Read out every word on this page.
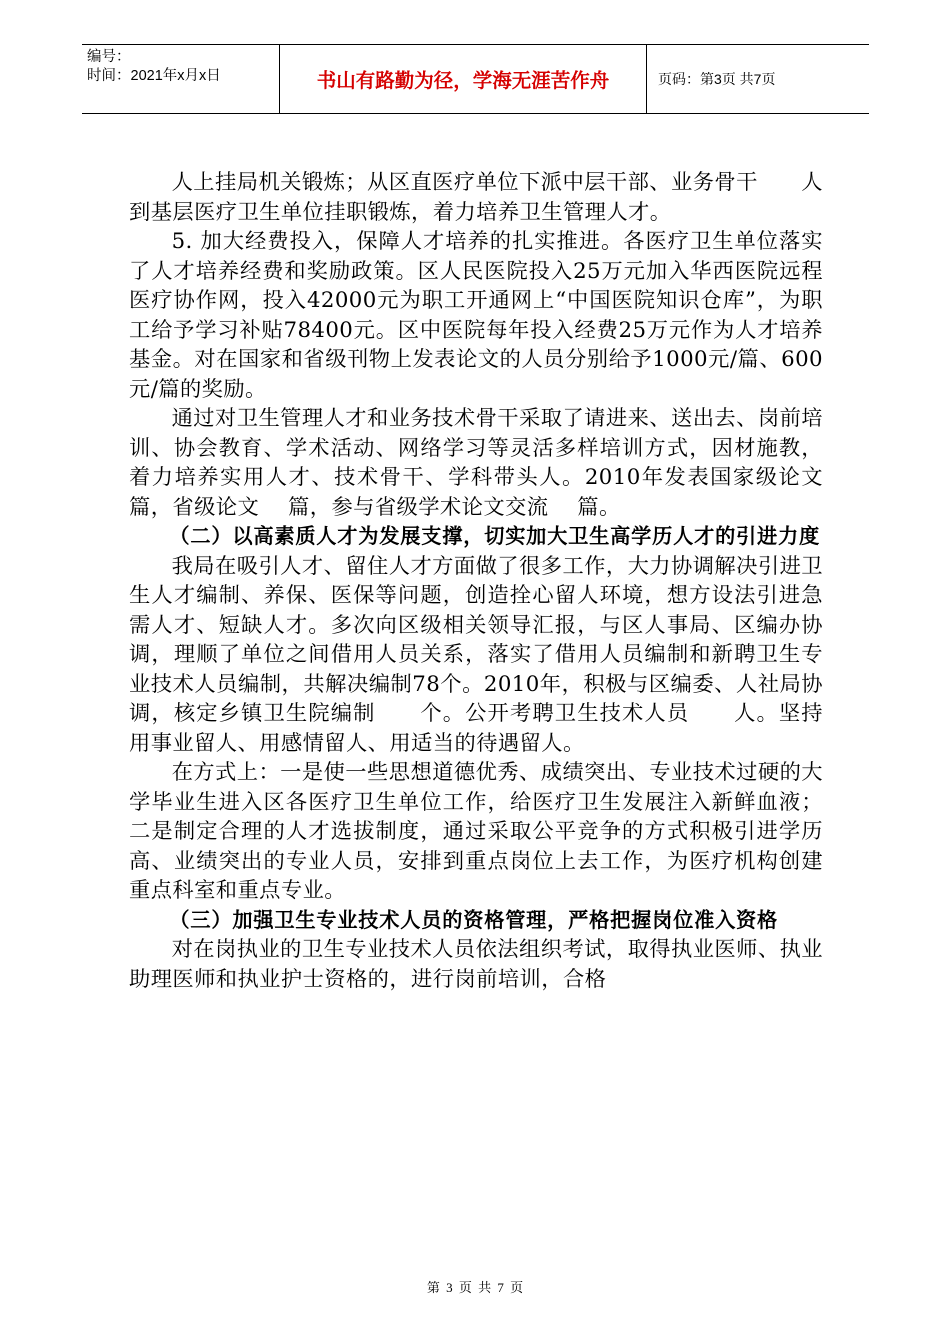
编号：
时间：2021年x月x日	书山有路勤为径，学海无涯苦作舟	页码：第3页 共7页

人上挂局机关锻炼；从区直医疗单位下派中层干部、业务骨干　　人到基层医疗卫生单位挂职锻炼，着力培养卫生管理人才。

5. 加大经费投入，保障人才培养的扎实推进。各医疗卫生单位落实了人才培养经费和奖励政策。区人民医院投入25万元加入华西医院远程医疗协作网，投入42000元为职工开通网上“中国医院知识仓库”，为职工给予学习补贴78400元。区中医院每年投入经费25万元作为人才培养基金。对在国家和省级刊物上发表论文的人员分别给予1000元/篇、600元/篇的奖励。

通过对卫生管理人才和业务技术骨干采取了请进来、送出去、岗前培训、协会教育、学术活动、网络学习等灵活多样培训方式，因材施教，着力培养实用人才、技术骨干、学科带头人。2010年发表国家级论文　 篇，省级论文　 篇，参与省级学术论文交流　 篇。

（二）以高素质人才为发展支撑，切实加大卫生高学历人才的引进力度

我局在吸引人才、留住人才方面做了很多工作，大力协调解决引进卫生人才编制、养保、医保等问题，创造拴心留人环境，想方设法引进急需人才、短缺人才。多次向区级相关领导汇报，与区人事局、区编办协调，理顺了单位之间借用人员关系，落实了借用人员编制和新聘卫生专业技术人员编制，共解决编制78个。2010年，积极与区编委、人社局协调，核定乡镇卫生院编制　　个。公开考聘卫生技术人员　　人。坚持用事业留人、用感情留人、用适当的待遇留人。

在方式上：一是使一些思想道德优秀、成绩突出、专业技术过硬的大学毕业生进入区各医疗卫生单位工作，给医疗卫生发展注入新鲜血液；二是制定合理的人才选拔制度，通过采取公平竞争的方式积极引进学历高、业绩突出的专业人员，安排到重点岗位上去工作，为医疗机构创建重点科室和重点专业。

（三）加强卫生专业技术人员的资格管理，严格把握岗位准入资格

对在岗执业的卫生专业技术人员依法组织考试，取得执业医师、执业助理医师和执业护士资格的，进行岗前培训，合格

第 3 页 共 7 页
